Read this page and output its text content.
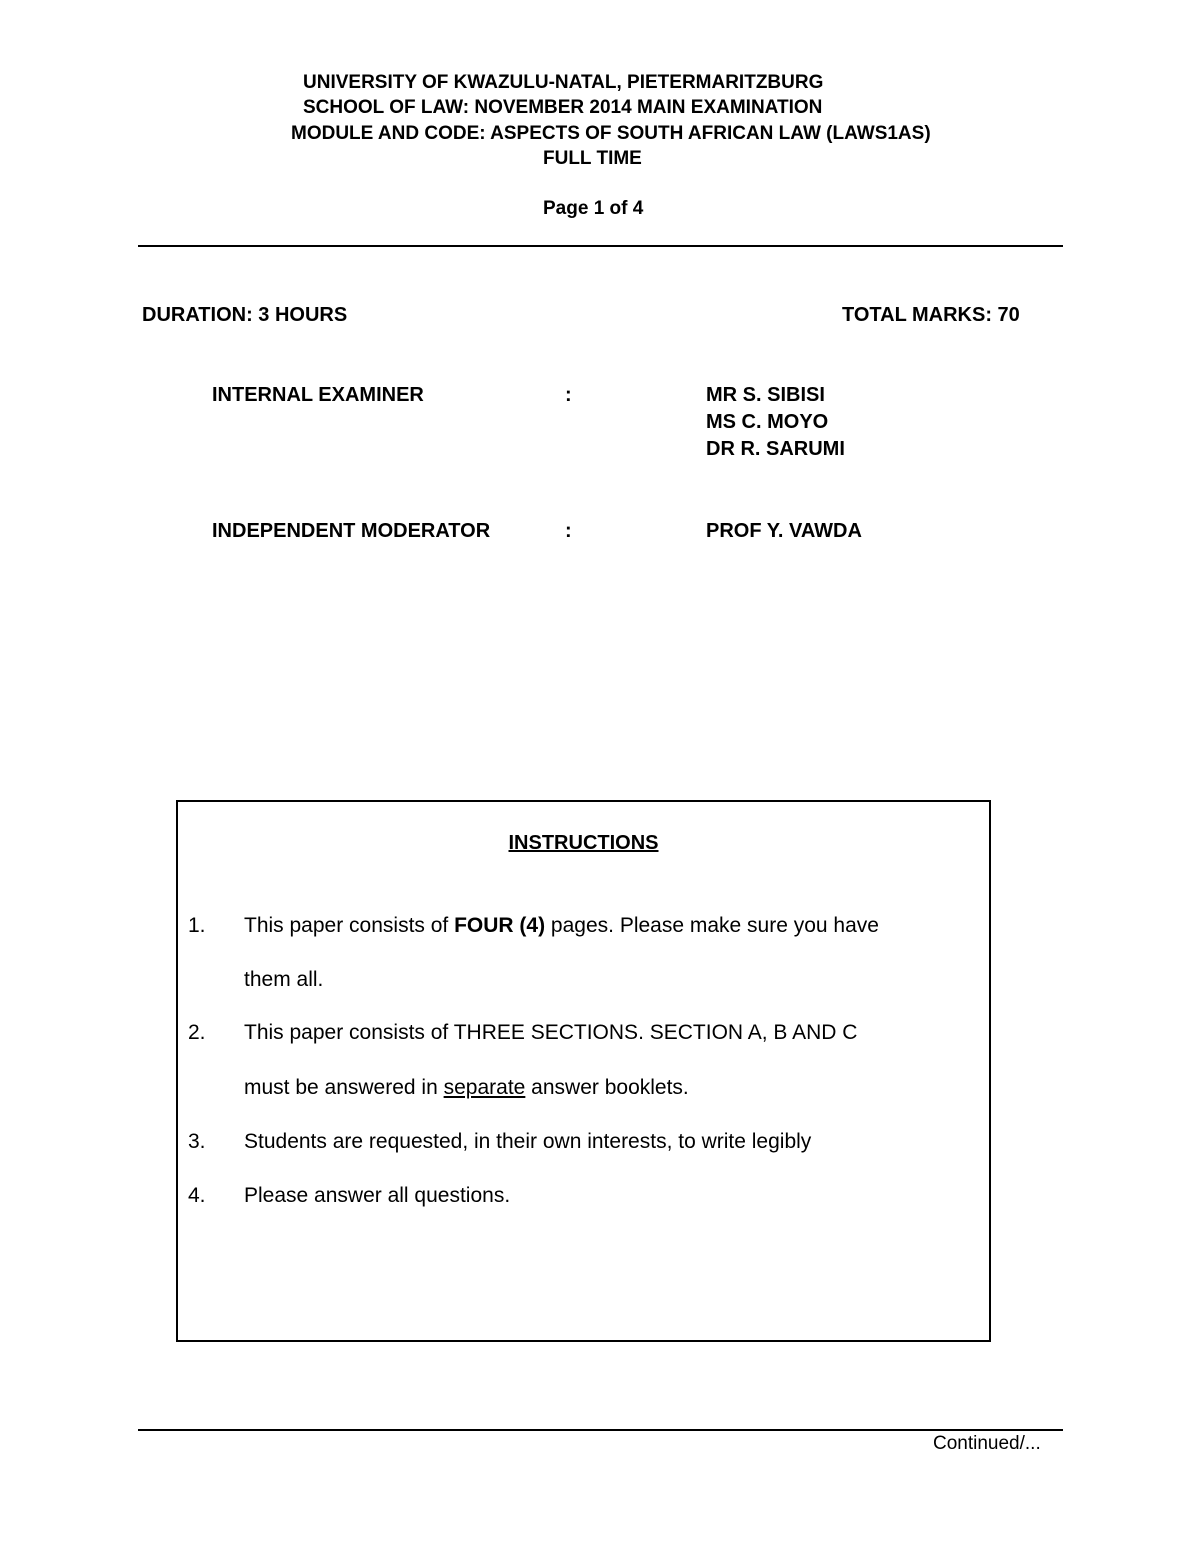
UNIVERSITY OF KWAZULU-NATAL, PIETERMARITZBURG
SCHOOL OF LAW: NOVEMBER 2014 MAIN EXAMINATION
MODULE AND CODE: ASPECTS OF SOUTH AFRICAN LAW (LAWS1AS)
FULL TIME
Page 1 of 4
DURATION: 3 HOURS	TOTAL MARKS: 70
INTERNAL EXAMINER	:	MR S. SIBISI
MS C. MOYO
DR R. SARUMI
INDEPENDENT MODERATOR	:	PROF Y. VAWDA
INSTRUCTIONS
1. This paper consists of FOUR (4) pages. Please make sure you have
them all.
2. This paper consists of THREE SECTIONS. SECTION A, B AND C
must be answered in separate answer booklets.
3. Students are requested, in their own interests, to write legibly
4. Please answer all questions.
Continued/...
